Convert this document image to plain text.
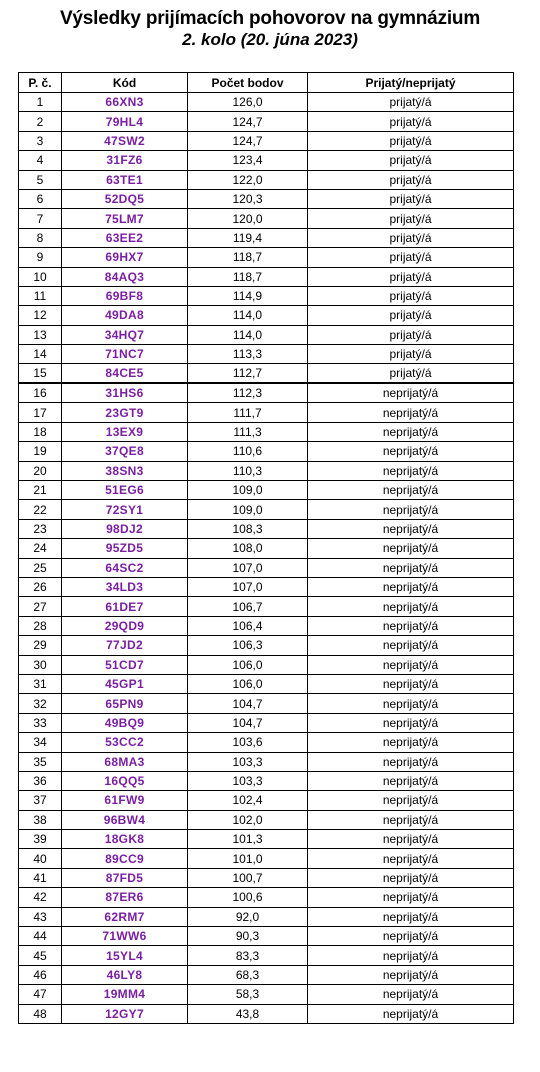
Výsledky prijímacích pohovorov na gymnázium
2. kolo (20. júna 2023)
P. č.	Kód	Počet bodov	Prijatý/neprijatý
1	66XN3	126,0	prijatý/á
2	79HL4	124,7	prijatý/á
3	47SW2	124,7	prijatý/á
4	31FZ6	123,4	prijatý/á
5	63TE1	122,0	prijatý/á
6	52DQ5	120,3	prijatý/á
7	75LM7	120,0	prijatý/á
8	63EE2	119,4	prijatý/á
9	69HX7	118,7	prijatý/á
10	84AQ3	118,7	prijatý/á
11	69BF8	114,9	prijatý/á
12	49DA8	114,0	prijatý/á
13	34HQ7	114,0	prijatý/á
14	71NC7	113,3	prijatý/á
15	84CE5	112,7	prijatý/á
16	31HS6	112,3	neprijatý/á
17	23GT9	111,7	neprijatý/á
18	13EX9	111,3	neprijatý/á
19	37QE8	110,6	neprijatý/á
20	38SN3	110,3	neprijatý/á
21	51EG6	109,0	neprijatý/á
22	72SY1	109,0	neprijatý/á
23	98DJ2	108,3	neprijatý/á
24	95ZD5	108,0	neprijatý/á
25	64SC2	107,0	neprijatý/á
26	34LD3	107,0	neprijatý/á
27	61DE7	106,7	neprijatý/á
28	29QD9	106,4	neprijatý/á
29	77JD2	106,3	neprijatý/á
30	51CD7	106,0	neprijatý/á
31	45GP1	106,0	neprijatý/á
32	65PN9	104,7	neprijatý/á
33	49BQ9	104,7	neprijatý/á
34	53CC2	103,6	neprijatý/á
35	68MA3	103,3	neprijatý/á
36	16QQ5	103,3	neprijatý/á
37	61FW9	102,4	neprijatý/á
38	96BW4	102,0	neprijatý/á
39	18GK8	101,3	neprijatý/á
40	89CC9	101,0	neprijatý/á
41	87FD5	100,7	neprijatý/á
42	87ER6	100,6	neprijatý/á
43	62RM7	92,0	neprijatý/á
44	71WW6	90,3	neprijatý/á
45	15YL4	83,3	neprijatý/á
46	46LY8	68,3	neprijatý/á
47	19MM4	58,3	neprijatý/á
48	12GY7	43,8	neprijatý/á
